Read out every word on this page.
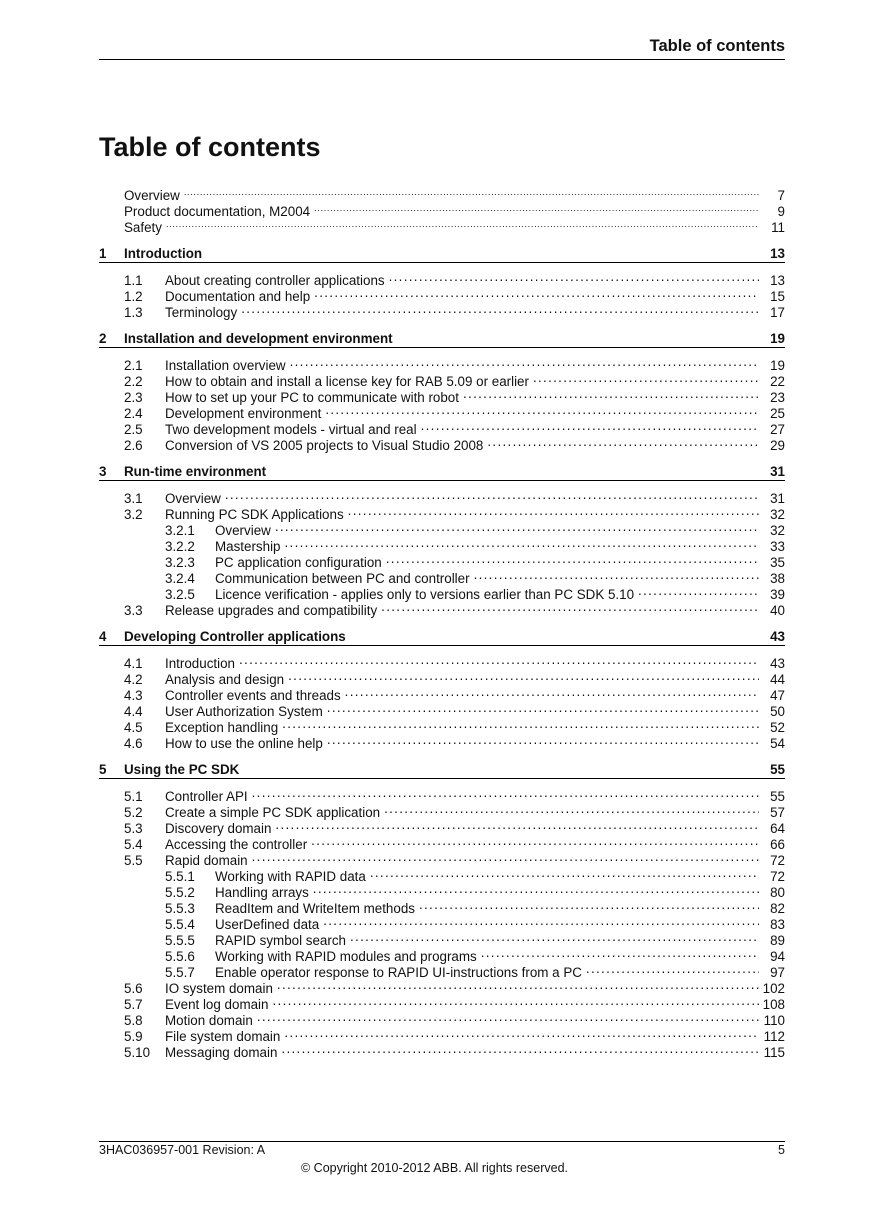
Table of contents
Table of contents
Overview . . .	7
Product documentation, M2004 . . .	9
Safety . . .	11
1	Introduction	13
1.1	About creating controller applications . . .	13
1.2	Documentation and help . . .	15
1.3	Terminology . . .	17
2	Installation and development environment	19
2.1	Installation overview . . .	19
2.2	How to obtain and install a license key for RAB 5.09 or earlier . . .	22
2.3	How to set up your PC to communicate with robot . . .	23
2.4	Development environment . . .	25
2.5	Two development models - virtual and real . . .	27
2.6	Conversion of VS 2005 projects to Visual Studio 2008 . . .	29
3	Run-time environment	31
3.1	Overview . . .	31
3.2	Running PC SDK Applications . . .	32
3.2.1	Overview . . .	32
3.2.2	Mastership . . .	33
3.2.3	PC application configuration . . .	35
3.2.4	Communication between PC and controller . . .	38
3.2.5	Licence verification - applies only to versions earlier than PC SDK 5.10 . . .	39
3.3	Release upgrades and compatibility . . .	40
4	Developing Controller applications	43
4.1	Introduction . . .	43
4.2	Analysis and design . . .	44
4.3	Controller events and threads . . .	47
4.4	User Authorization System . . .	50
4.5	Exception handling . . .	52
4.6	How to use the online help . . .	54
5	Using the PC SDK	55
5.1	Controller API . . .	55
5.2	Create a simple PC SDK application . . .	57
5.3	Discovery domain . . .	64
5.4	Accessing the controller . . .	66
5.5	Rapid domain . . .	72
5.5.1	Working with RAPID data . . .	72
5.5.2	Handling arrays . . .	80
5.5.3	ReadItem and WriteItem methods . . .	82
5.5.4	UserDefined data . . .	83
5.5.5	RAPID symbol search . . .	89
5.5.6	Working with RAPID modules and programs . . .	94
5.5.7	Enable operator response to RAPID UI-instructions from a PC . . .	97
5.6	IO system domain . . .	102
5.7	Event log domain . . .	108
5.8	Motion domain . . .	110
5.9	File system domain . . .	112
5.10	Messaging domain . . .	115
3HAC036957-001 Revision: A	5
© Copyright 2010-2012 ABB. All rights reserved.
